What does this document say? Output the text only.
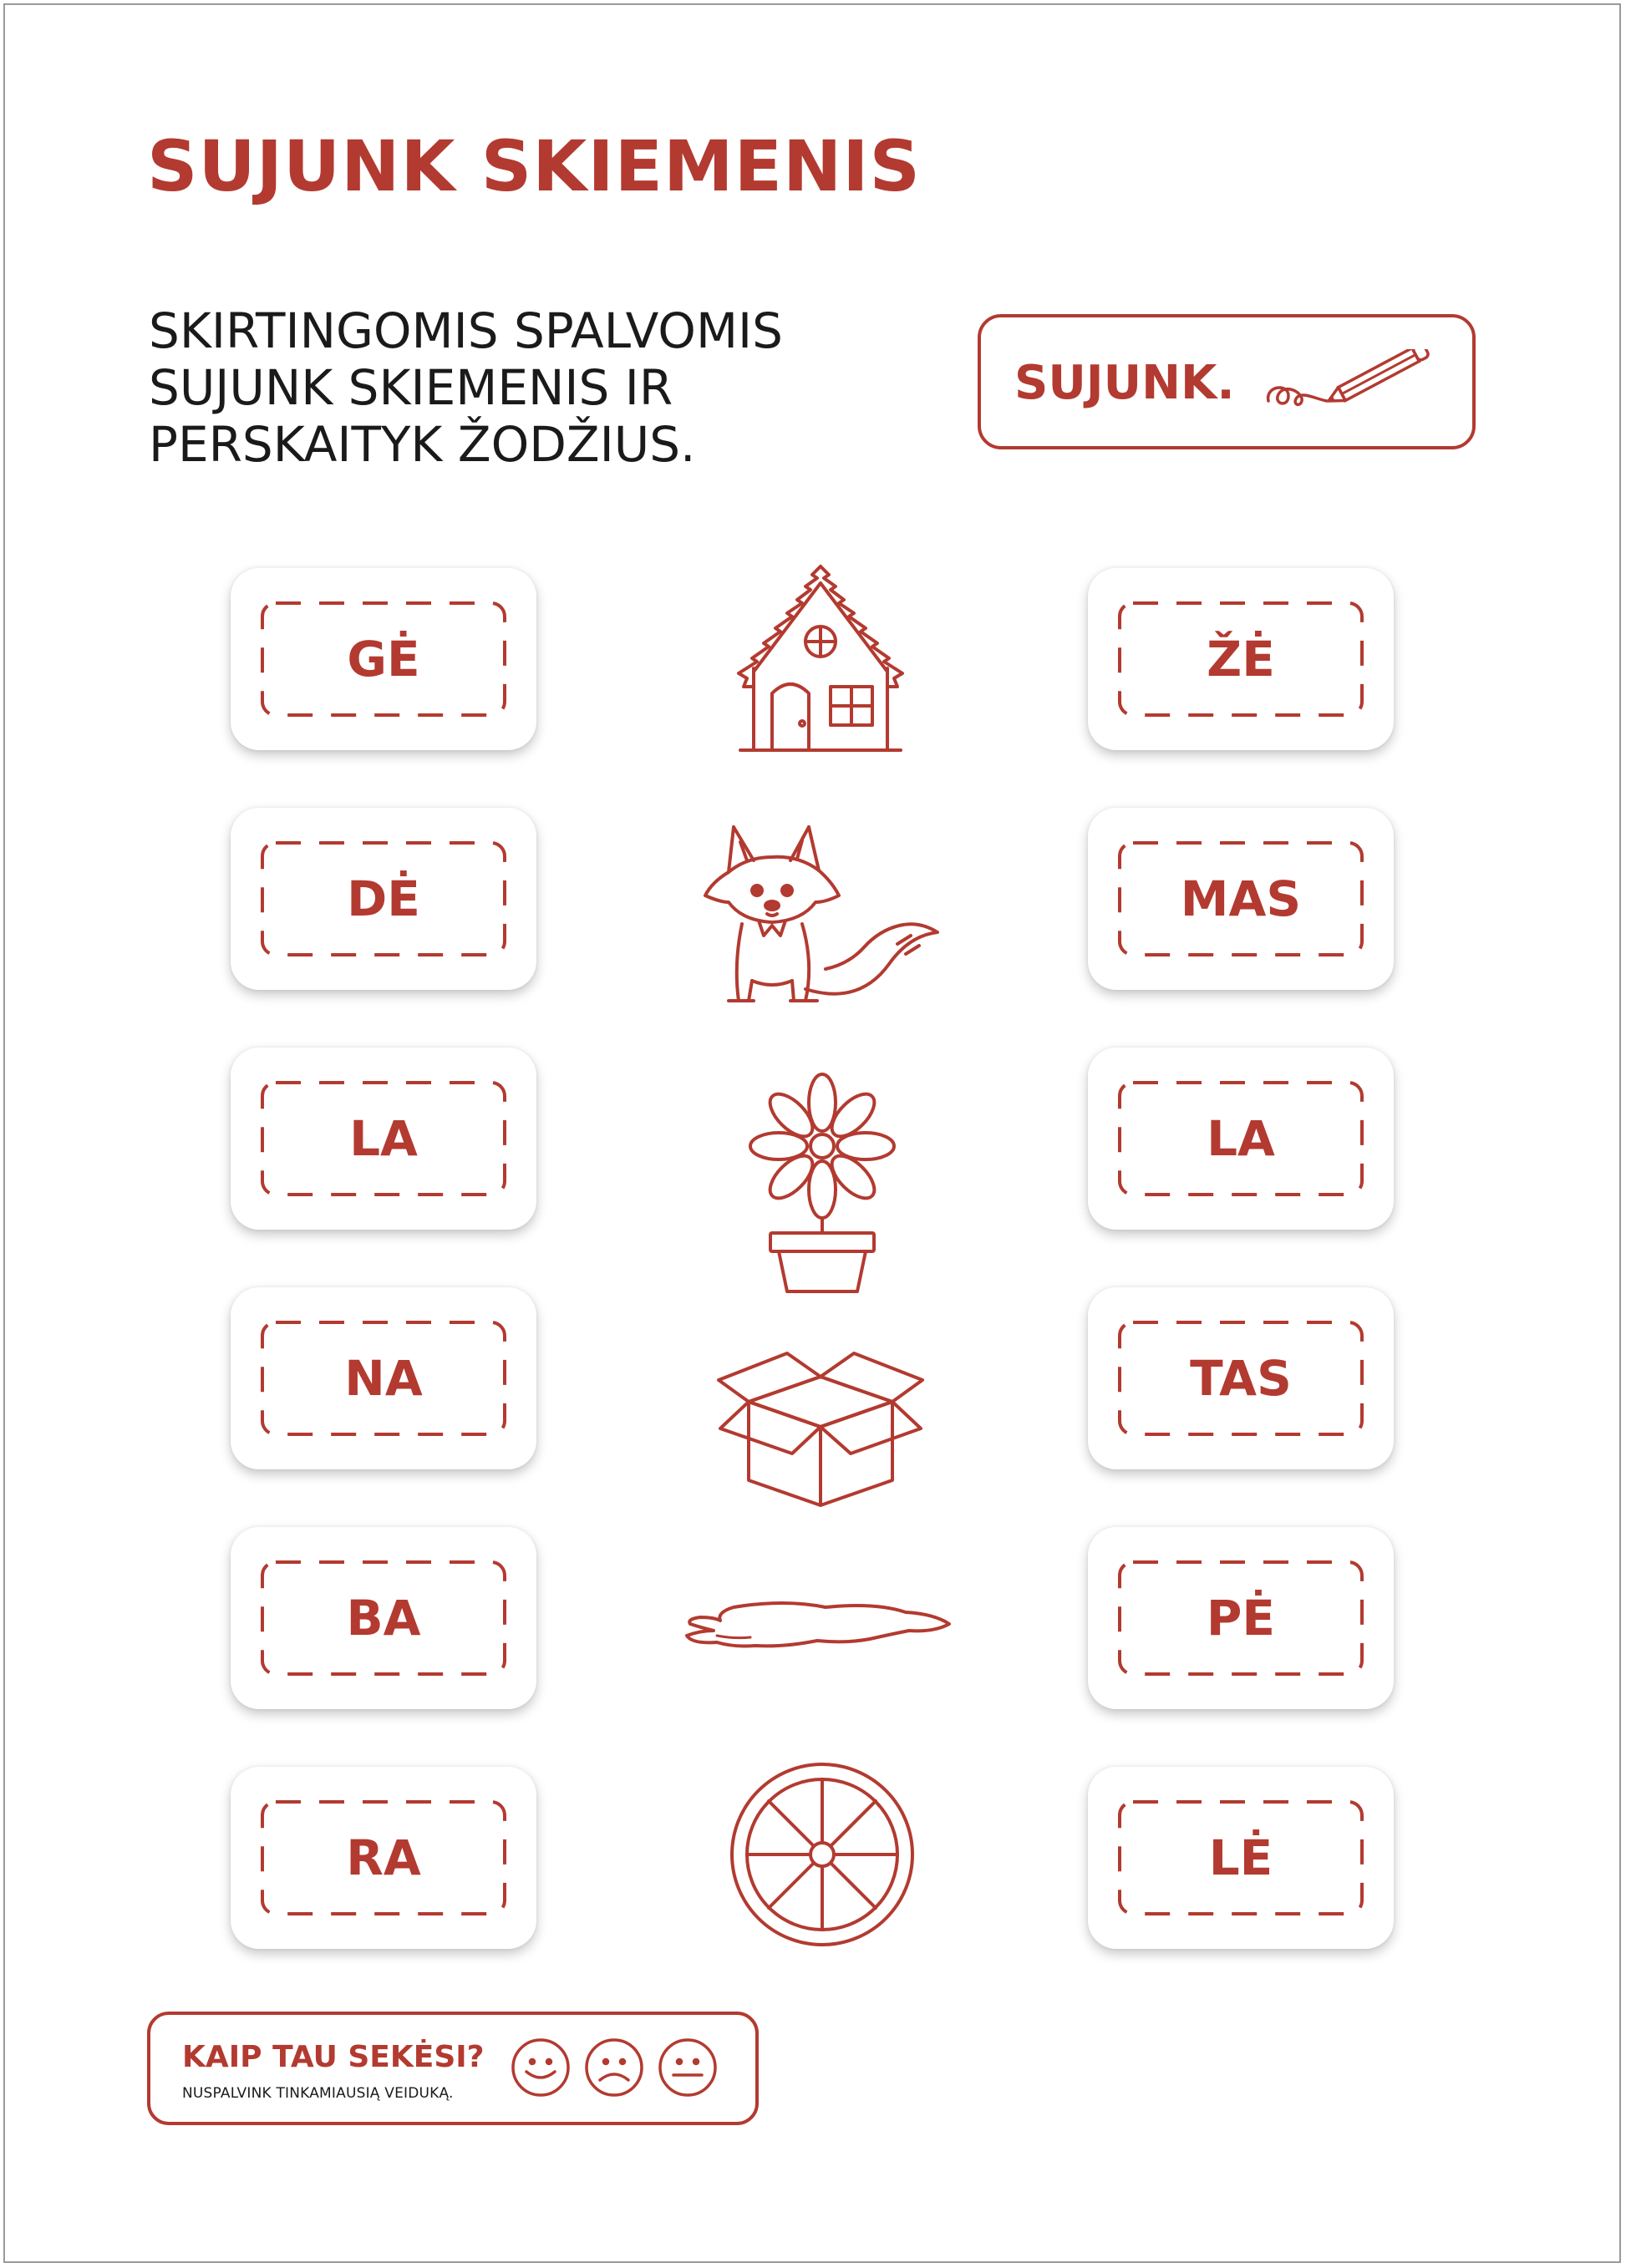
SUJUNK SKIEMENIS
SKIRTINGOMIS SPALVOMIS
SUJUNK SKIEMENIS IR
PERSKAITYK ŽODŽIUS.
SUJUNK.
GĖ
DĖ
LA
NA
BA
RA
ŽĖ
MAS
LA
TAS
PĖ
LĖ
KAIP TAU SEKĖSI?
NUSPALVINK TINKAMIAUSIĄ VEIDUKĄ.
